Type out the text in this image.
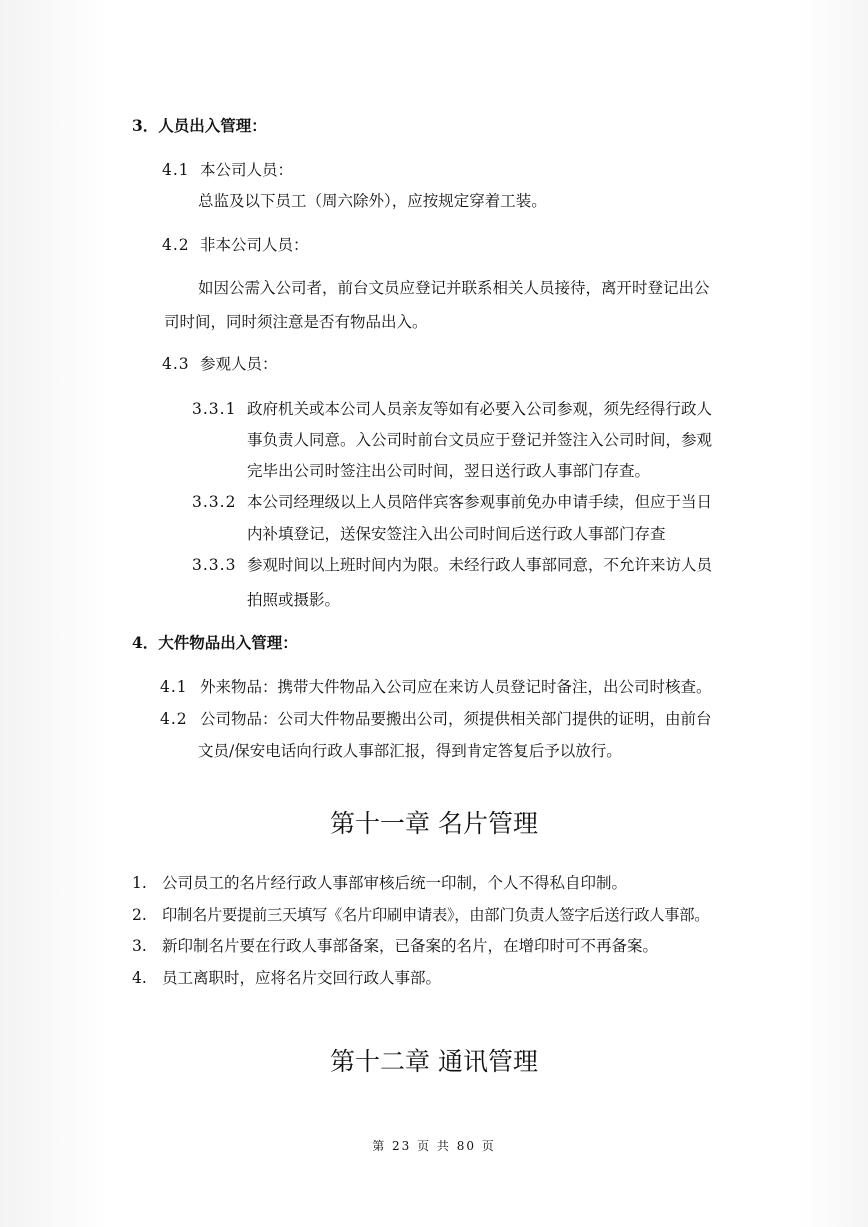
3．人员出入管理：
4.1 本公司人员：
总监及以下员工（周六除外），应按规定穿着工装。
4.2 非本公司人员：
如因公需入公司者，前台文员应登记并联系相关人员接待，离开时登记出公
司时间，同时须注意是否有物品出入。
4.3 参观人员：
3.3.1 政府机关或本公司人员亲友等如有必要入公司参观，须先经得行政人
事负责人同意。入公司时前台文员应于登记并签注入公司时间，参观
完毕出公司时签注出公司时间，翌日送行政人事部门存查。
3.3.2 本公司经理级以上人员陪伴宾客参观事前免办申请手续，但应于当日
内补填登记，送保安签注入出公司时间后送行政人事部门存查
3.3.3 参观时间以上班时间内为限。未经行政人事部同意，不允许来访人员
拍照或摄影。
4．大件物品出入管理：
4.1 外来物品：携带大件物品入公司应在来访人员登记时备注，出公司时核查。
4.2 公司物品：公司大件物品要搬出公司，须提供相关部门提供的证明，由前台
文员/保安电话向行政人事部汇报，得到肯定答复后予以放行。
第十一章 名片管理
1. 公司员工的名片经行政人事部审核后统一印制，个人不得私自印制。
2. 印制名片要提前三天填写《名片印刷申请表》，由部门负责人签字后送行政人事部。
3. 新印制名片要在行政人事部备案，已备案的名片，在增印时可不再备案。
4. 员工离职时，应将名片交回行政人事部。
第十二章 通讯管理
第 23 页 共 80 页
